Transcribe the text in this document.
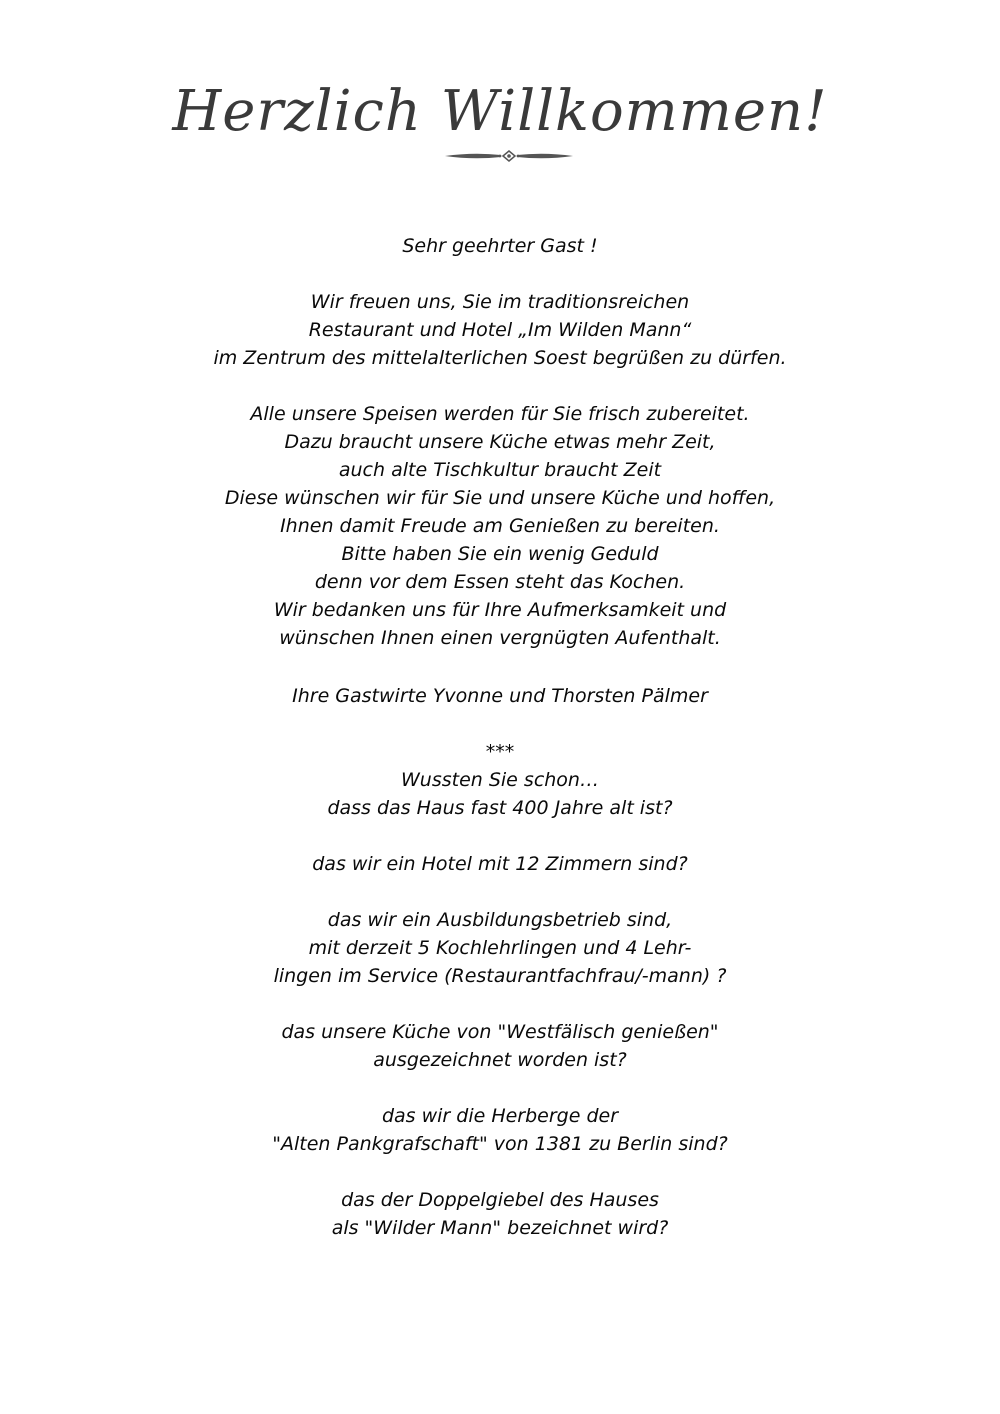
Herzlich Willkommen!
Sehr geehrter Gast !
Wir freuen uns, Sie im traditionsreichen
Restaurant und Hotel „Im Wilden Mann“
im Zentrum des mittelalterlichen Soest begrüßen zu dürfen.
Alle unsere Speisen werden für Sie frisch zubereitet.
Dazu braucht unsere Küche etwas mehr Zeit,
auch alte Tischkultur braucht Zeit
Diese wünschen wir für Sie und unsere Küche und hoffen,
Ihnen damit Freude am Genießen zu bereiten.
Bitte haben Sie ein wenig Geduld
denn vor dem Essen steht das Kochen.
Wir bedanken uns für Ihre Aufmerksamkeit und
wünschen Ihnen einen vergnügten Aufenthalt.
Ihre Gastwirte Yvonne und Thorsten Pälmer
***
Wussten Sie schon…
dass das Haus fast 400 Jahre alt ist?
das wir ein Hotel mit 12 Zimmern sind?
das wir ein Ausbildungsbetrieb sind,
mit derzeit 5 Kochlehrlingen und 4 Lehr-
lingen im Service (Restaurantfachfrau/-mann) ?
das unsere Küche von "Westfälisch genießen"
ausgezeichnet worden ist?
das wir die Herberge der
"Alten Pankgrafschaft" von 1381 zu Berlin sind?
das der Doppelgiebel des Hauses
als "Wilder Mann" bezeichnet wird?
